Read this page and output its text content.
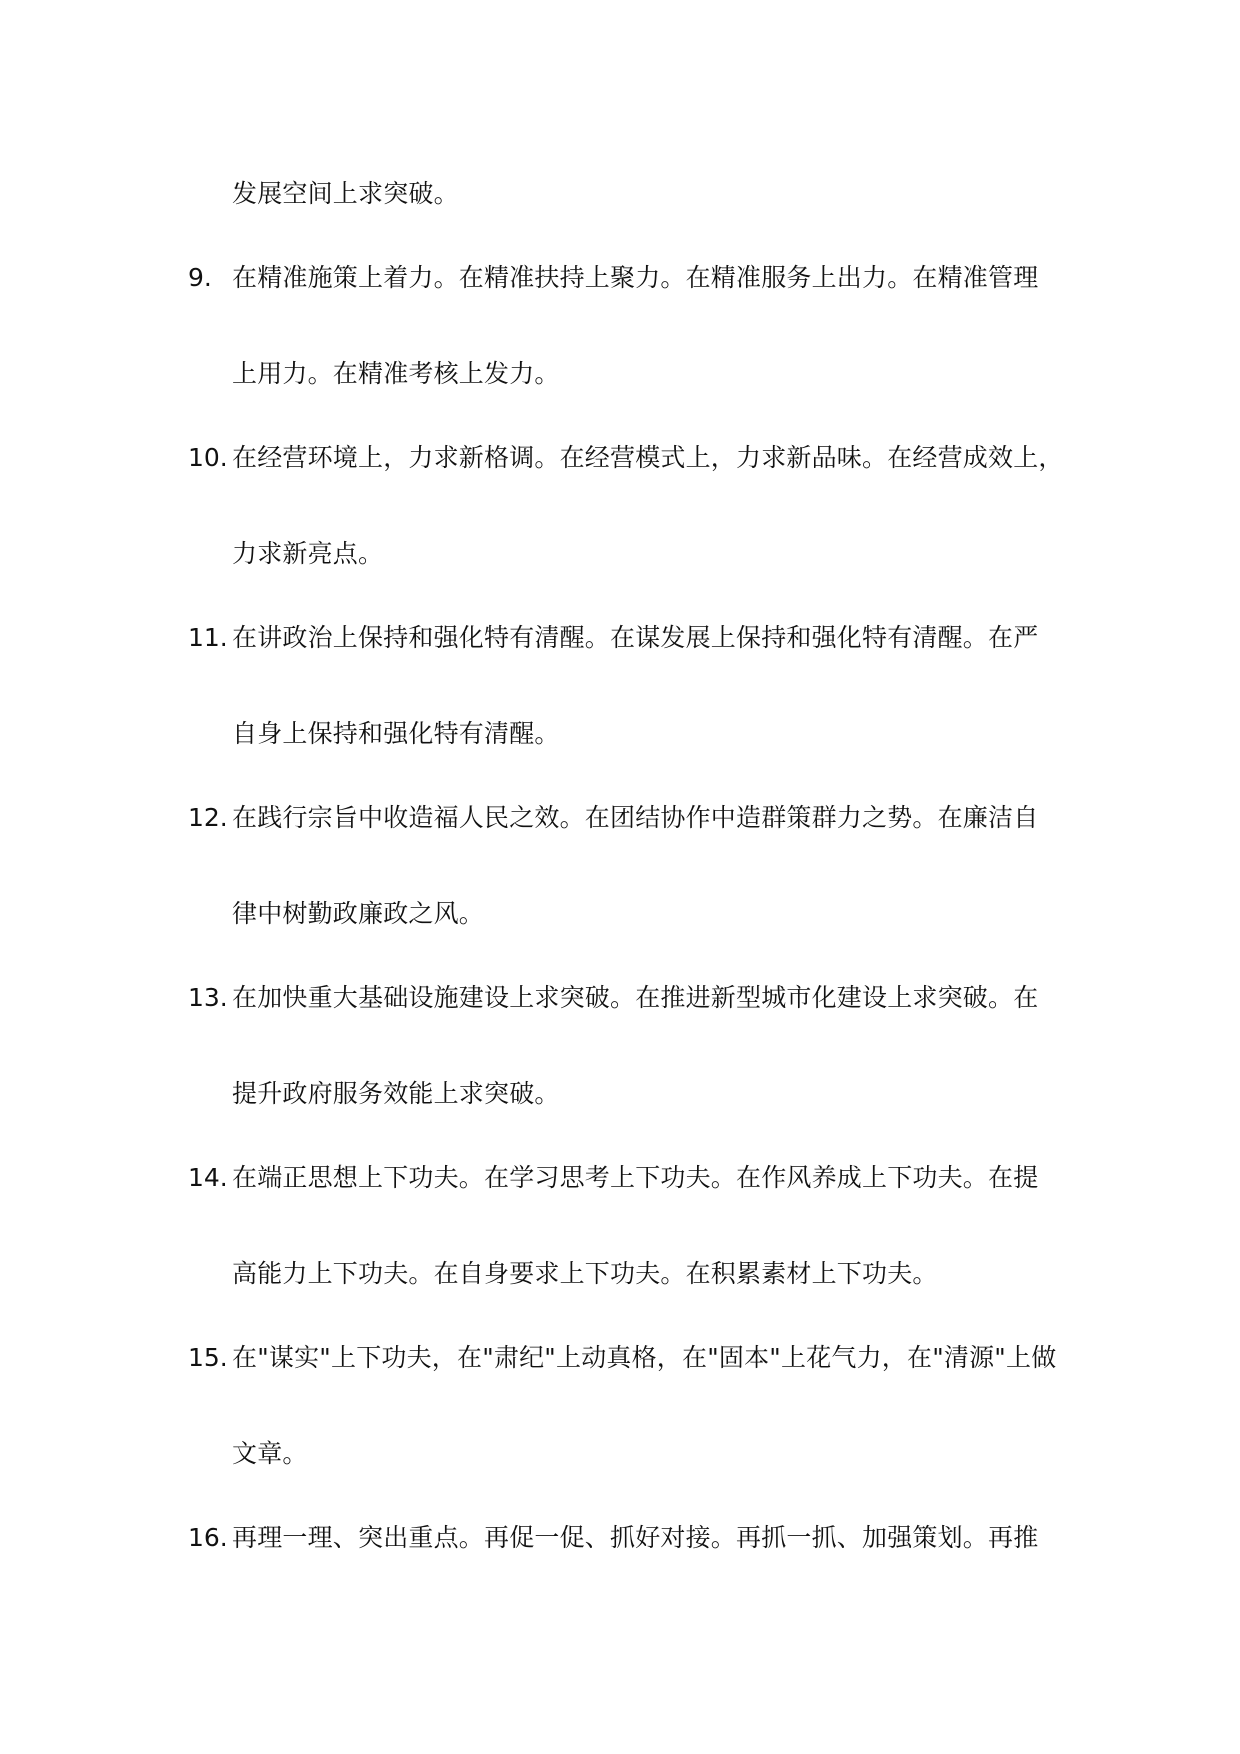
发展空间上求突破。
9. 在精准施策上着力。在精准扶持上聚力。在精准服务上出力。在精准管理
上用力。在精准考核上发力。
10. 在经营环境上，力求新格调。在经营模式上，力求新品味。在经营成效上，
力求新亮点。
11. 在讲政治上保持和强化特有清醒。在谋发展上保持和强化特有清醒。在严
自身上保持和强化特有清醒。
12. 在践行宗旨中收造福人民之效。在团结协作中造群策群力之势。在廉洁自
律中树勤政廉政之风。
13. 在加快重大基础设施建设上求突破。在推进新型城市化建设上求突破。在
提升政府服务效能上求突破。
14. 在端正思想上下功夫。在学习思考上下功夫。在作风养成上下功夫。在提
高能力上下功夫。在自身要求上下功夫。在积累素材上下功夫。
15. 在"谋实"上下功夫，在"肃纪"上动真格，在"固本"上花气力，在"清源"上做
文章。
16. 再理一理、突出重点。再促一促、抓好对接。再抓一抓、加强策划。再推
